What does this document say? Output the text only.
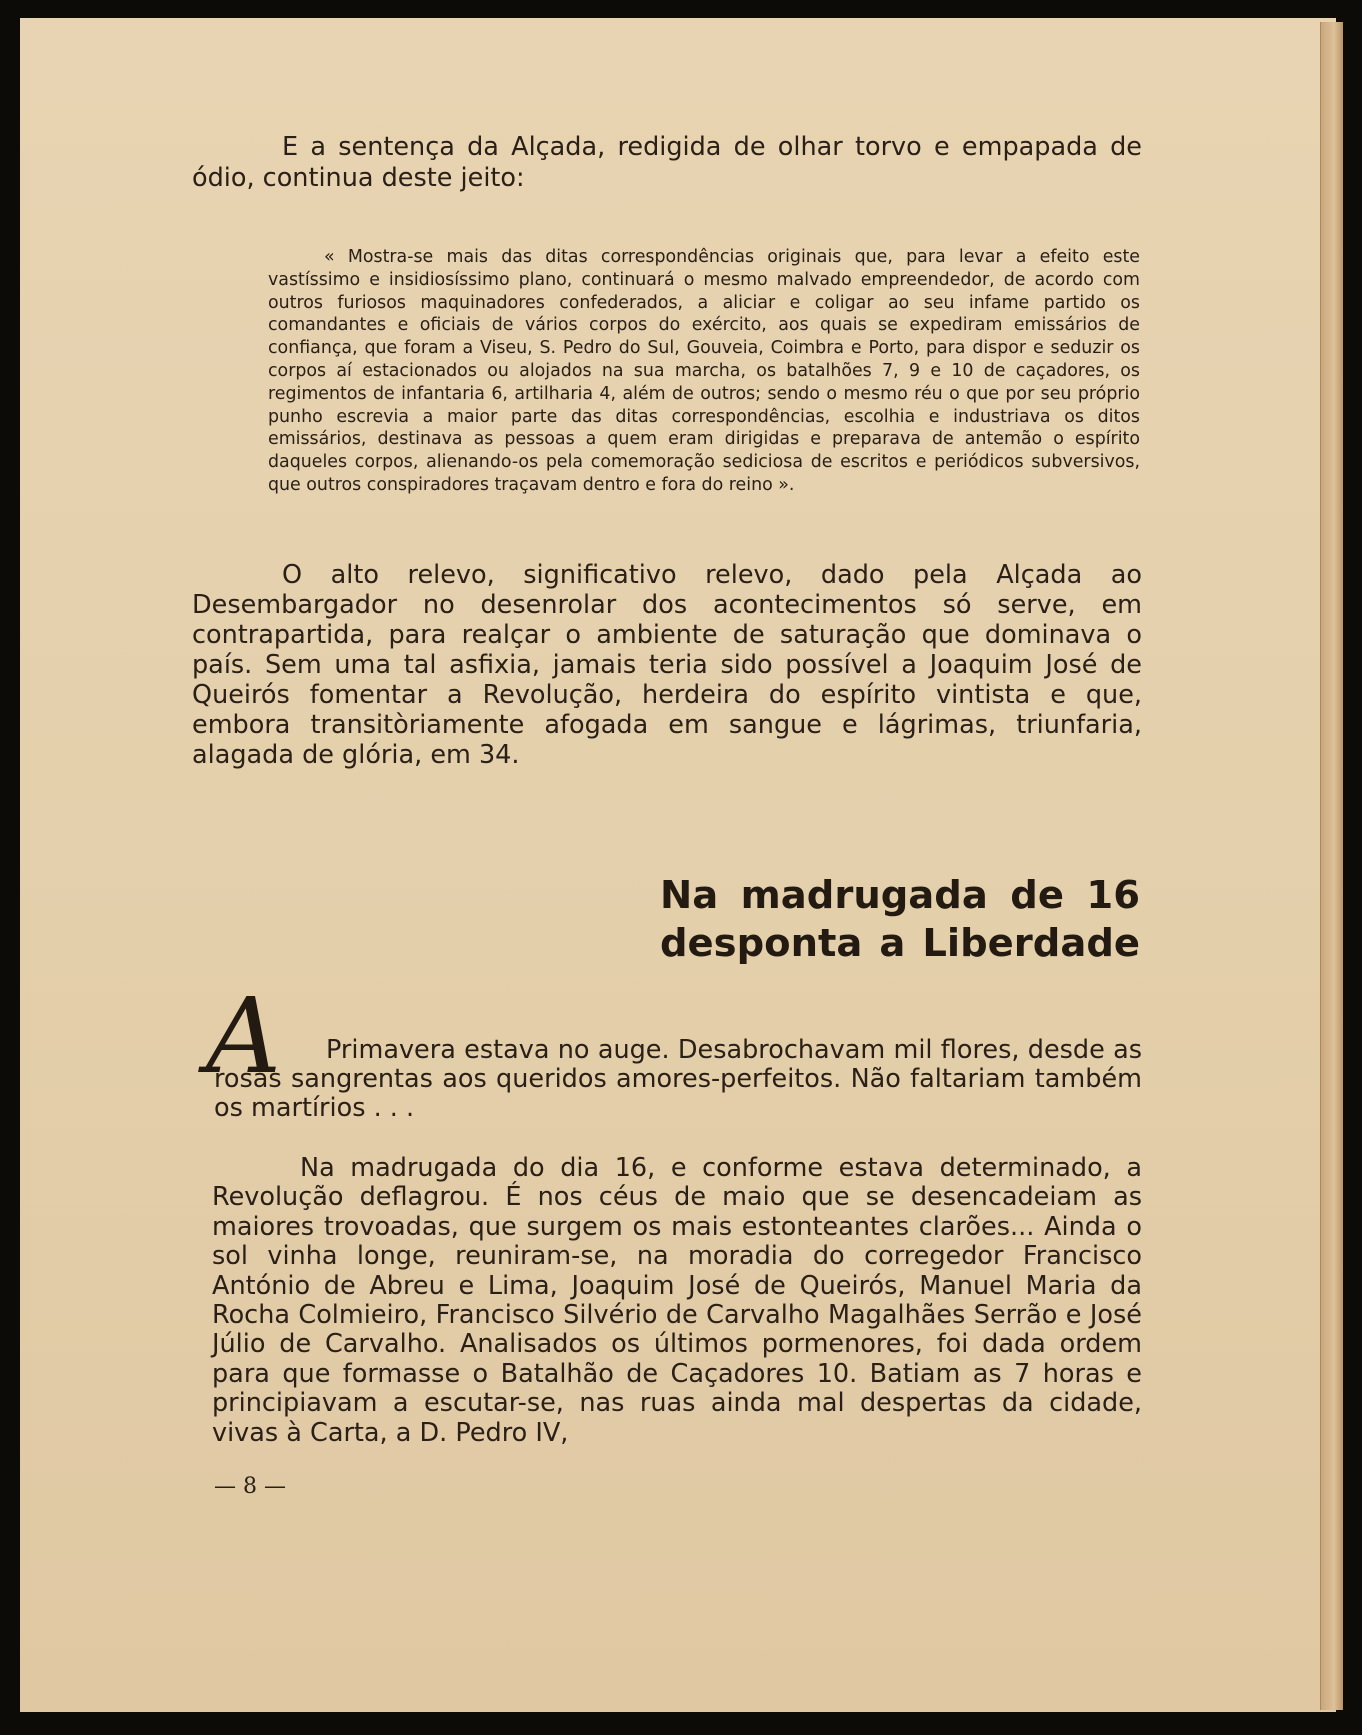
E a sentença da Alçada, redigida de olhar torvo e empapada de ódio, continua deste jeito:

« Mostra-se mais das ditas correspondências originais que, para levar a efeito este vastíssimo e insidiosíssimo plano, continuará o mesmo malvado empreendedor, de acordo com outros furiosos maquinadores confederados, a aliciar e coligar ao seu infame partido os comandantes e oficiais de vários corpos do exército, aos quais se expediram emissários de confiança, que foram a Viseu, S. Pedro do Sul, Gouveia, Coimbra e Porto, para dispor e seduzir os corpos aí estacionados ou alojados na sua marcha, os batalhões 7, 9 e 10 de caçadores, os regimentos de infantaria 6, artilharia 4, além de outros; sendo o mesmo réu o que por seu próprio punho escrevia a maior parte das ditas correspondências, escolhia e industriava os ditos emissários, destinava as pessoas a quem eram dirigidas e preparava de antemão o espírito daqueles corpos, alienando-os pela comemoração sediciosa de escritos e periódicos subversivos, que outros conspiradores traçavam dentro e fora do reino ».

O alto relevo, significativo relevo, dado pela Alçada ao Desembargador no desenrolar dos acontecimentos só serve, em contrapartida, para realçar o ambiente de saturação que dominava o país. Sem uma tal asfixia, jamais teria sido possível a Joaquim José de Queirós fomentar a Revolução, herdeira do espírito vintista e que, embora transitòriamente afogada em sangue e lágrimas, triunfaria, alagada de glória, em 34.

Na madrugada de 16
desponta a Liberdade
A	Primavera estava no auge. Desabrochavam mil flores, desde as rosas sangrentas aos queridos amores-perfeitos. Não faltariam também os martírios . . .

Na madrugada do dia 16, e conforme estava determinado, a Revolução deflagrou. É nos céus de maio que se desencadeiam as maiores trovoadas, que surgem os mais estonteantes clarões... Ainda o sol vinha longe, reuniram-se, na moradia do corregedor Francisco António de Abreu e Lima, Joaquim José de Queirós, Manuel Maria da Rocha Colmieiro, Francisco Silvério de Carvalho Magalhães Serrão e José Júlio de Carvalho. Analisados os últimos pormenores, foi dada ordem para que formasse o Batalhão de Caçadores 10. Batiam as 7 horas e principiavam a escutar-se, nas ruas ainda mal despertas da cidade, vivas à Carta, a D. Pedro IV,

— 8 —
